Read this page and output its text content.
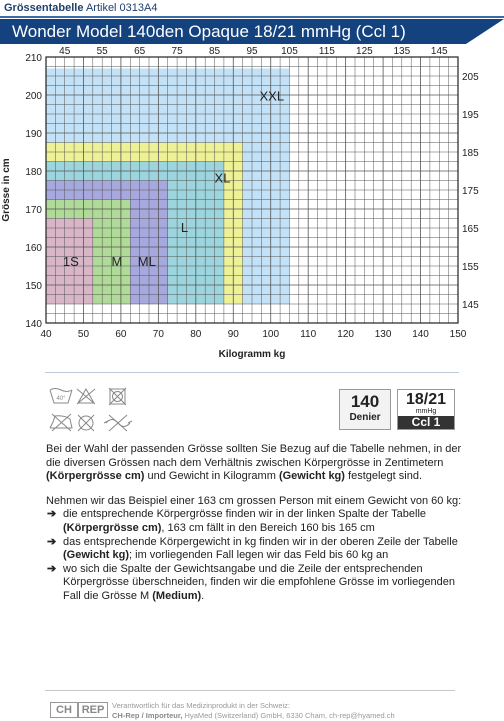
Grössentabelle Artikel 0313A4
Wonder Model 140den Opaque 18/21 mmHg (Ccl 1)
XXL
XL
L
ML
M
1S
40	50	60	70	80	90 100 110 120 130 140 150
45	55	65	75	85	95 105 115 125 135 145
140
150
160
170
180
190
200
210
145
155
165
175
185
195
205
Kilogramm kg
Grösse in cm
40°	140
Denier
18/21
mmHg
Ccl 1

Bei der Wahl der passenden Grösse sollten Sie Bezug auf die Tabelle nehmen, in der die diversen Grössen nach dem Verhältnis zwischen Körpergrösse in Zentimetern (Körpergrösse cm) und Gewicht in Kilogramm (Gewicht kg) festgelegt sind.

Nehmen wir das Beispiel einer 163 cm grossen Person mit einem Gewicht von 60 kg:

➔ die entsprechende Körpergrösse finden wir in der linken Spalte der Tabelle (Körpergrösse cm), 163 cm fällt in den Bereich 160 bis 165 cm

➔ das entsprechende Körpergewicht in kg finden wir in der oberen Zeile der Tabelle (Gewicht kg); im vorliegenden Fall legen wir das Feld bis 60 kg an

➔ wo sich die Spalte der Gewichtsangabe und die Zeile der entsprechenden Körpergrösse überschneiden, finden wir die empfohlene Grösse im vorliegenden Fall die Grösse M (Medium).

CH REP	Verantwortlich für das Medizinprodukt in der Schweiz:
CH-Rep / Importeur, HyaMed (Switzerland) GmbH, 6330 Cham, ch-rep@hyamed.ch
